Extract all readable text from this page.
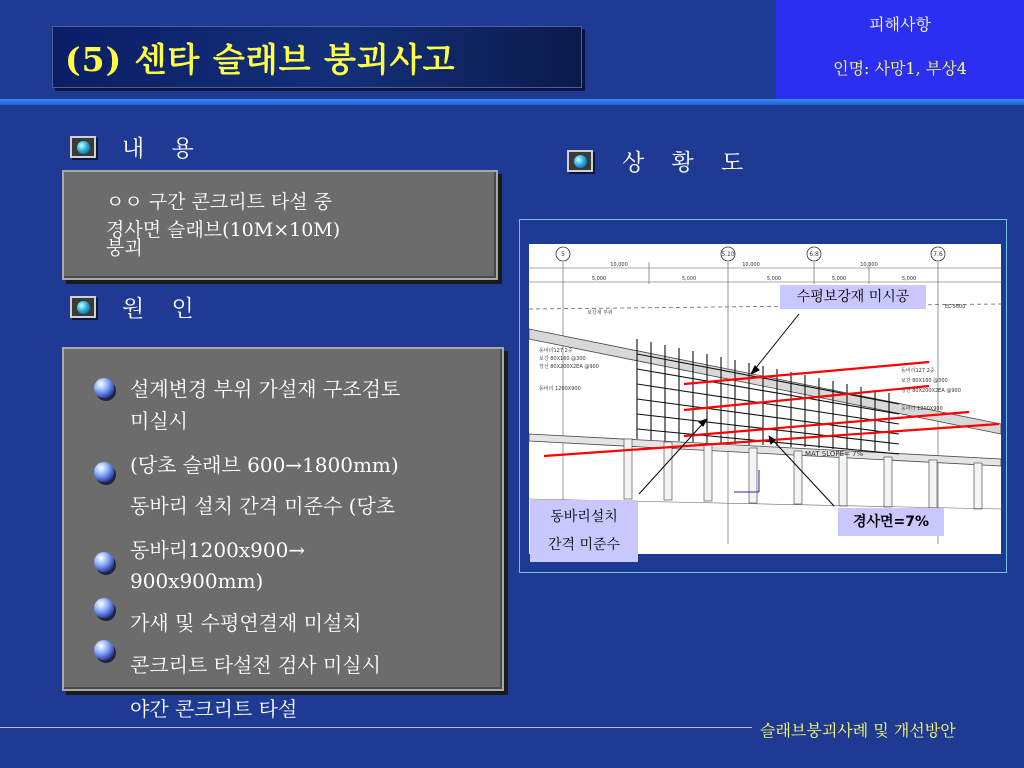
(5) 센타 슬래브 붕괴사고
피해사항
인명: 사망1, 부상4
내 용
ㅇㅇ 구간 콘크리트 타설 중
경사면 슬래브(10M×10M)
붕괴
원 인
설계변경 부위 가설재 구조검토
미실시
(당초 슬래브 600→1800mm)
동바리 설치 간격 미준수 (당초
동바리1200x900→
900x900mm)
가새 및 수평연결재 미설치
콘크리트 타설전 검사 미실시
야간 콘크리트 타설
상 황 도
5	5.10	6.8	7.6
10,000	10,000	10,000
5,000	5,000	5,000	5,000	5,000
보강재 부위
동바리127 2중
보강 80X160 @300
장선 80X200X2EA @900
동바리 1200X900
동바리127 2중
보강 80X160 @300
장선 80X200X2EA @900
동바리 1200X900
EL-5800
MAT SLOPE= 7%
수평보강재 미시공
동바리설치
간격 미준수
경사면=7%
슬래브붕괴사례 및 개선방안
